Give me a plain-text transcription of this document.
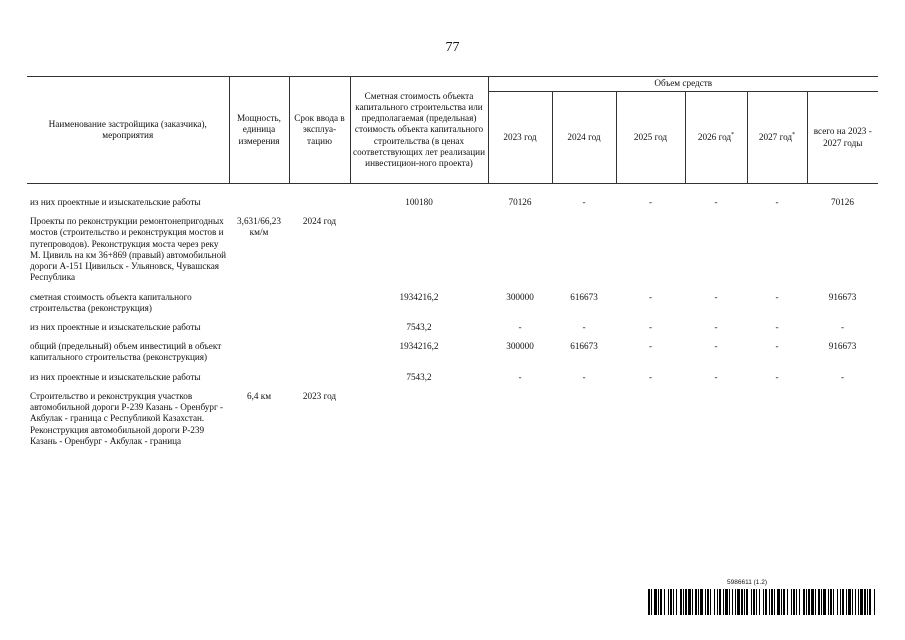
77
Наименование застройщика (заказчика), мероприятия	Мощность, единица измерения	Срок ввода в эксплуа-тацию	Сметная стоимость объекта капитального строительства или предполагаемая (предельная) стоимость объекта капитального строительства (в ценах соответствующих лет реализации инвестицион-ного проекта)	Объем средств					
				2023 год	2024 год	2025 год	2026 год*	2027 год*	всего на 2023 - 2027 годы

из них проектные и изыскательские работы			100180	70126	-	-	-	-	70126
Проекты по реконструкции ремонтонепригодных мостов (строительство и реконструкция мостов и путепроводов). Реконструкция моста через реку М. Цивиль на км 36+869 (правый) автомобильной дороги А-151 Цивильск - Ульяновск, Чувашская Республика	3,631/66,23 км/м	2024 год							
сметная стоимость объекта капитального строительства (реконструкция)			1934216,2	300000	616673	-	-	-	916673
из них проектные и изыскательские работы			7543,2	-	-	-	-	-	-
общий (предельный) объем инвестиций в объект капитального строительства (реконструкция)			1934216,2	300000	616673	-	-	-	916673
из них проектные и изыскательские работы			7543,2	-	-	-	-	-	-
Строительство и реконструкция участков автомобильной дороги Р-239 Казань - Оренбург - Акбулак - граница с Республикой Казахстан. Реконструкция автомобильной дороги Р-239 Казань - Оренбург - Акбулак - граница	6,4 км	2023 год							
5986611 (1.2)
